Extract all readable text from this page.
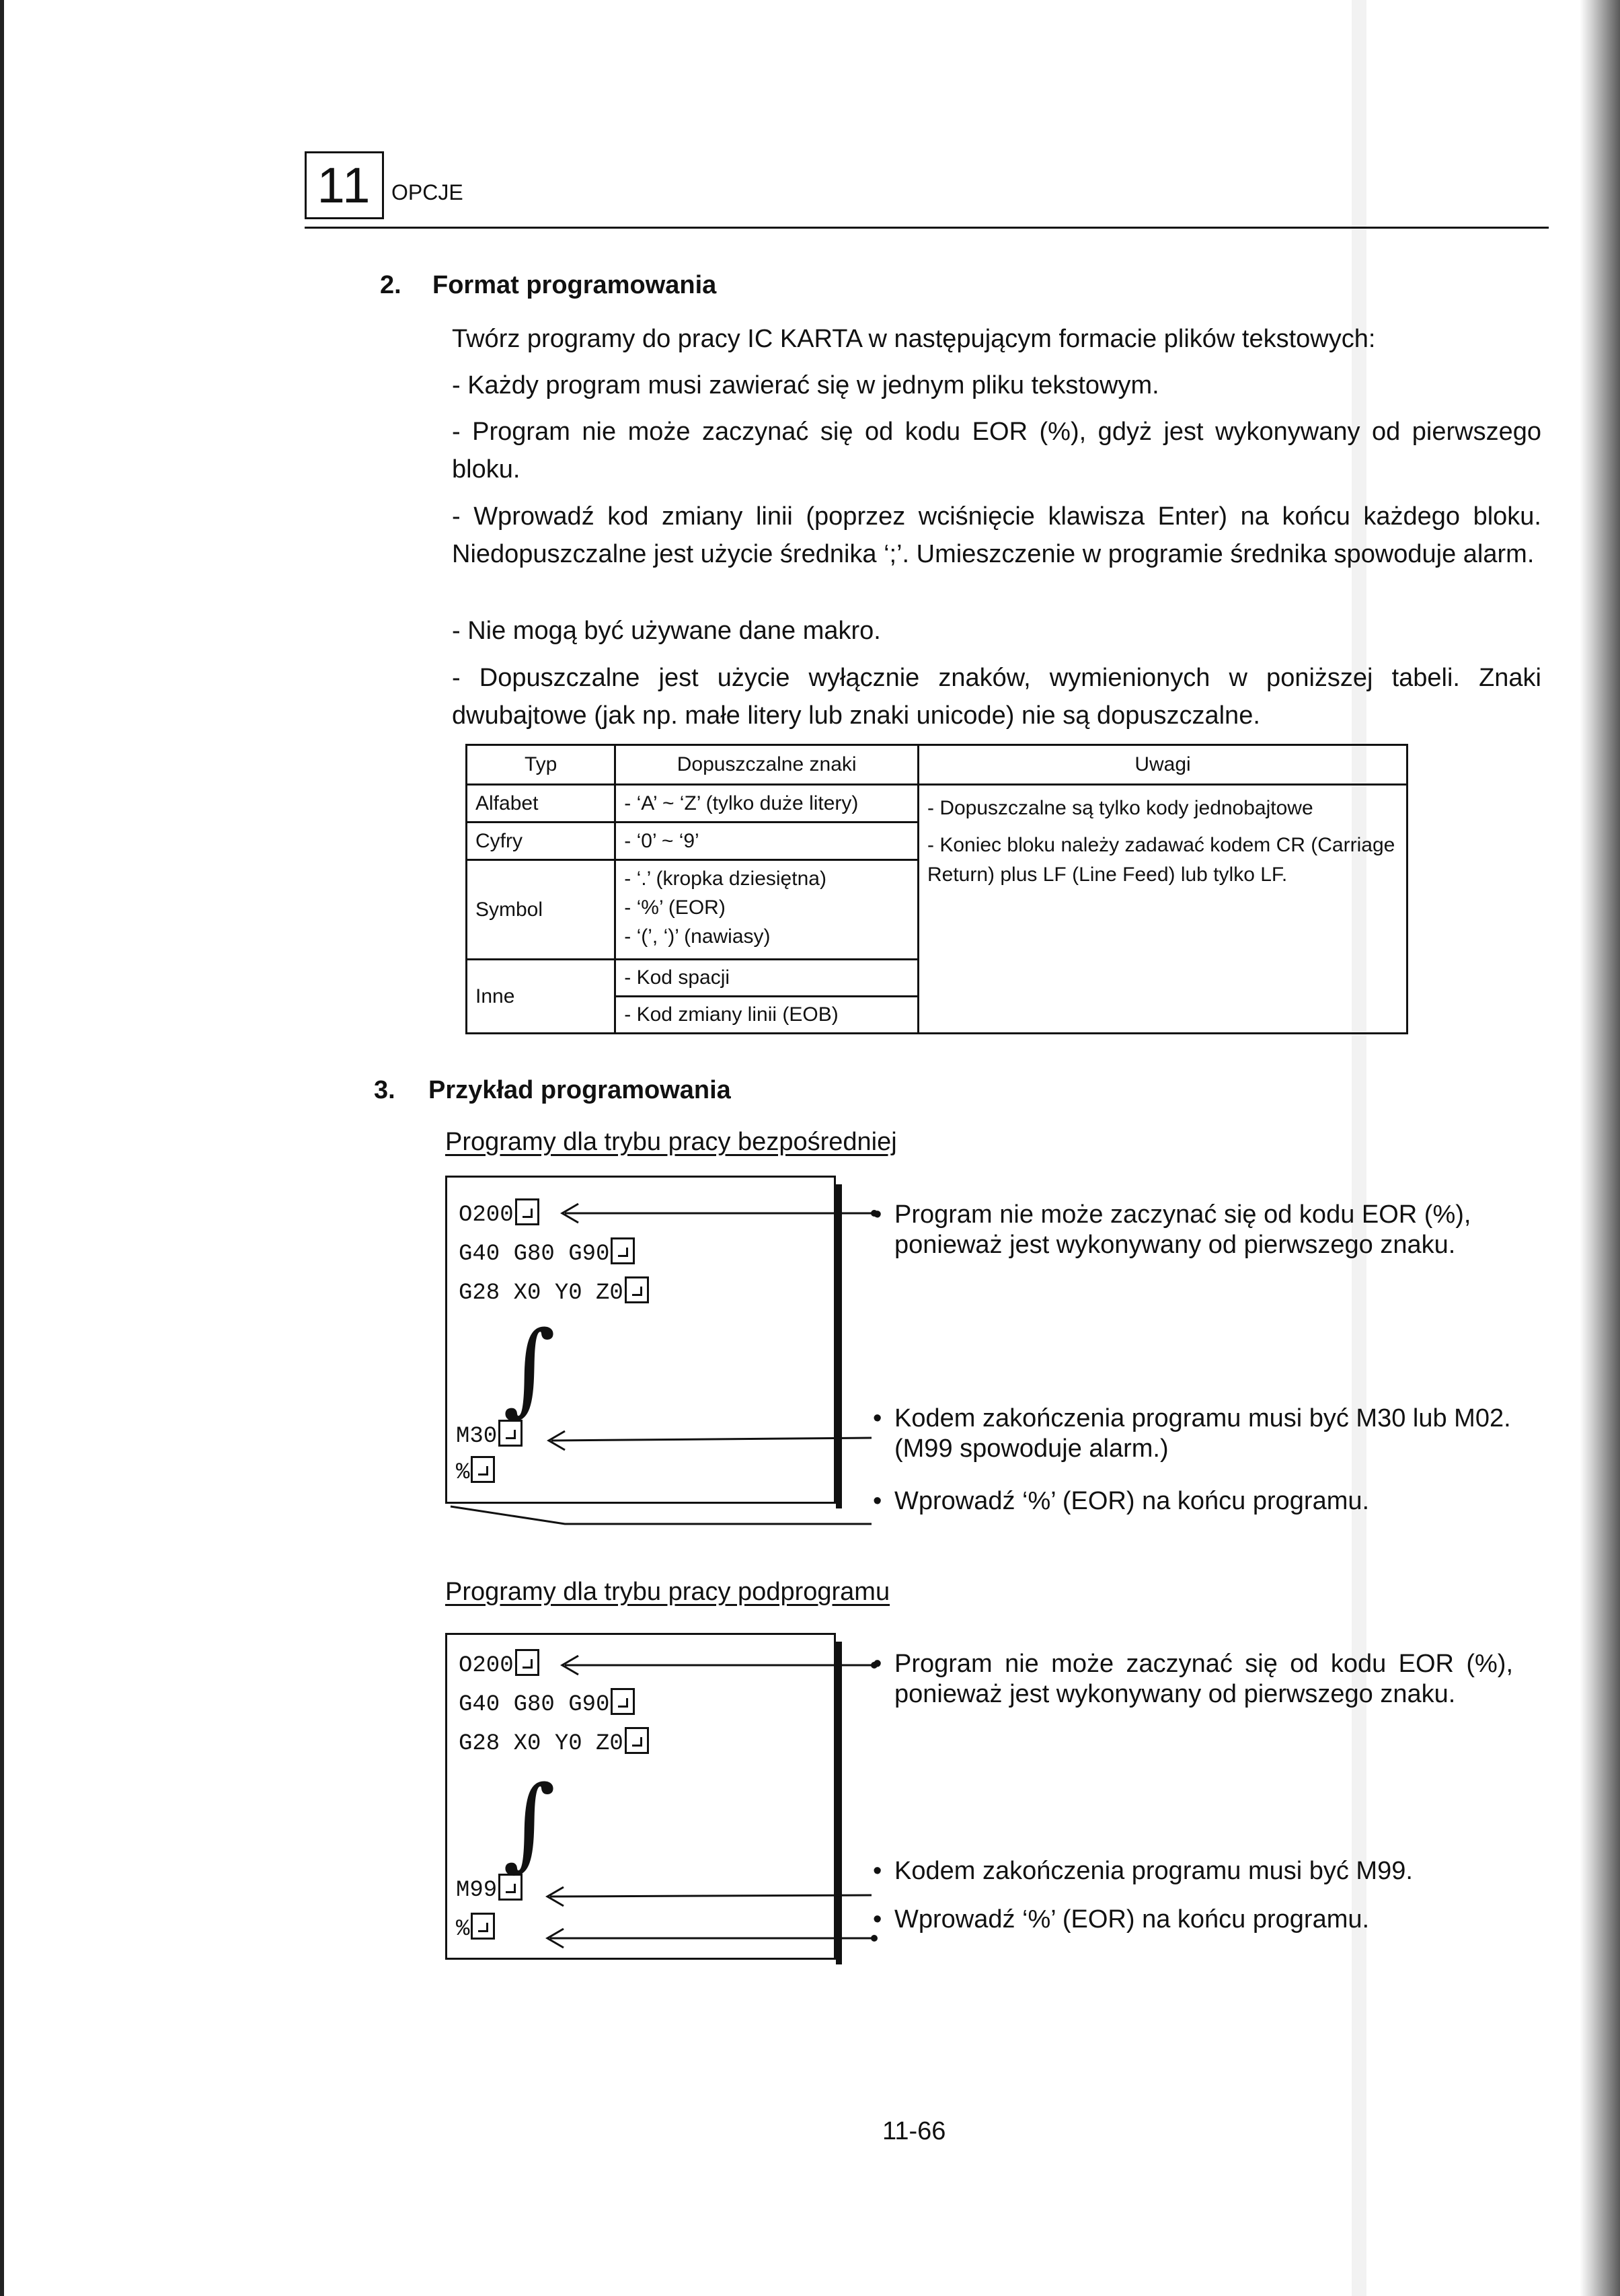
11 OPCJE
2. Format programowania
Twórz programy do pracy IC KARTA w następującym formacie plików tekstowych:
- Każdy program musi zawierać się w jednym pliku tekstowym.
- Program nie może zaczynać się od kodu EOR (%), gdyż jest wykonywany od pierwszego bloku.
- Wprowadź kod zmiany linii (poprzez wciśnięcie klawisza Enter) na końcu każdego bloku. Niedopuszczalne jest użycie średnika ‘;’. Umieszczenie w programie średnika spowoduje alarm.
- Nie mogą być używane dane makro.
- Dopuszczalne jest użycie wyłącznie znaków, wymienionych w poniższej tabeli. Znaki dwubajtowe (jak np. małe litery lub znaki unicode) nie są dopuszczalne.
Typ	Dopuszczalne znaki	Uwagi
Alfabet	- ‘A’ ~ ‘Z’ (tylko duże litery)	- Dopuszczalne są tylko kody jednobajtowe
- Koniec bloku należy zadawać kodem CR (Carriage Return) plus LF (Line Feed) lub tylko LF.

Cyfry	- ‘0’ ~ ‘9’	
Symbol	- ‘.’ (kropka dziesiętna)
- ‘%’ (EOR)
- ‘(’, ‘)’ (nawiasy)	

Inne	- Kod spacji
- Kod zmiany linii (EOB)	
3. Przykład programowania
Programy dla trybu pracy bezpośredniej
O200
G40 G80 G90
G28 X0 Y0 Z0
∫
M30
%
• Program nie może zaczynać się od kodu EOR (%), ponieważ jest wykonywany od pierwszego znaku.
• Kodem zakończenia programu musi być M30 lub M02. (M99 spowoduje alarm.)
• Wprowadź ‘%’ (EOR) na końcu programu.
Programy dla trybu pracy podprogramu
O200
G40 G80 G90
G28 X0 Y0 Z0
∫
M99
%
• Program nie może zaczynać się od kodu EOR (%), ponieważ jest wykonywany od pierwszego znaku.
• Kodem zakończenia programu musi być M99.
• Wprowadź ‘%’ (EOR) na końcu programu.
11-66
